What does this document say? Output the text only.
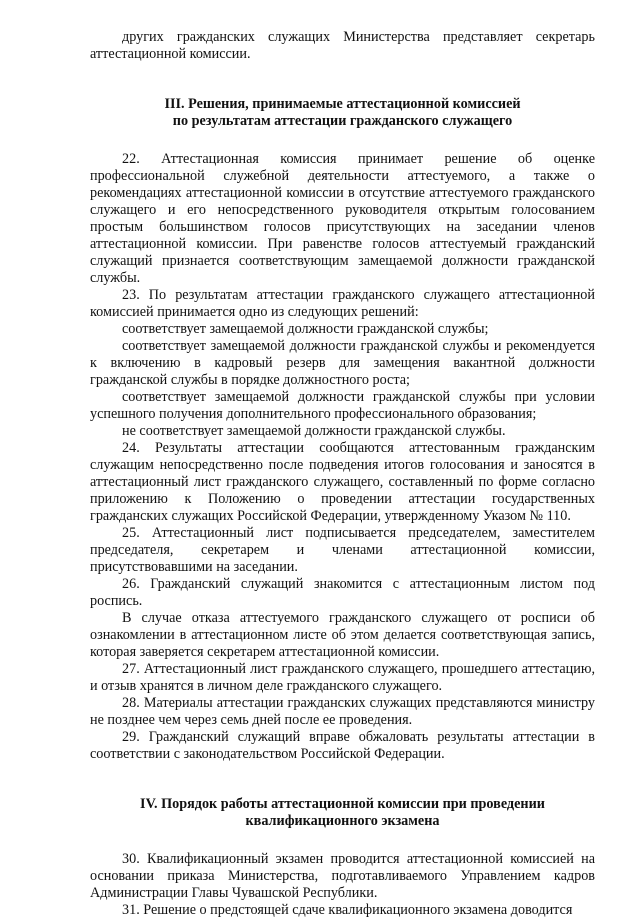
других гражданских служащих Министерства представляет секретарь аттестационной комиссии.

III. Решения, принимаемые аттестационной комиссией

по результатам аттестации гражданского служащего

22. Аттестационная комиссия принимает решение об оценке профессиональной служебной деятельности аттестуемого, а также о рекомендациях аттестационной комиссии в отсутствие аттестуемого гражданского служащего и его непосредственного руководителя открытым голосованием простым большинством голосов присутствующих на заседании членов аттестационной комиссии. При равенстве голосов аттестуемый гражданский служащий признается соответствующим замещаемой должности гражданской службы.

23. По результатам аттестации гражданского служащего аттестационной комиссией принимается одно из следующих решений:

соответствует замещаемой должности гражданской службы;

соответствует замещаемой должности гражданской службы и рекомендуется к включению в кадровый резерв для замещения вакантной должности гражданской службы в порядке должностного роста;

соответствует замещаемой должности гражданской службы при условии успешного получения дополнительного профессионального образования;

не соответствует замещаемой должности гражданской службы.

24. Результаты аттестации сообщаются аттестованным гражданским служащим непосредственно после подведения итогов голосования и заносятся в аттестационный лист гражданского служащего, составленный по форме согласно приложению к Положению о проведении аттестации государственных гражданских служащих Российской Федерации, утвержденному Указом № 110.

25. Аттестационный лист подписывается председателем, заместителем председателя, секретарем и членами аттестационной комиссии, присутствовавшими на заседании.

26. Гражданский служащий знакомится с аттестационным листом под роспись.

В случае отказа аттестуемого гражданского служащего от росписи об ознакомлении в аттестационном листе об этом делается соответствующая запись, которая заверяется секретарем аттестационной комиссии.

27. Аттестационный лист гражданского служащего, прошедшего аттестацию, и отзыв хранятся в личном деле гражданского служащего.

28. Материалы аттестации гражданских служащих представляются министру не позднее чем через семь дней после ее проведения.

29. Гражданский служащий вправе обжаловать результаты аттестации в соответствии с законодательством Российской Федерации.

IV. Порядок работы аттестационной комиссии при проведении

квалификационного экзамена

30. Квалификационный экзамен проводится аттестационной комиссией на основании приказа Министерства, подготавливаемого Управлением кадров Администрации Главы Чувашской Республики.

31. Решение о предстоящей сдаче квалификационного экзамена доводится
